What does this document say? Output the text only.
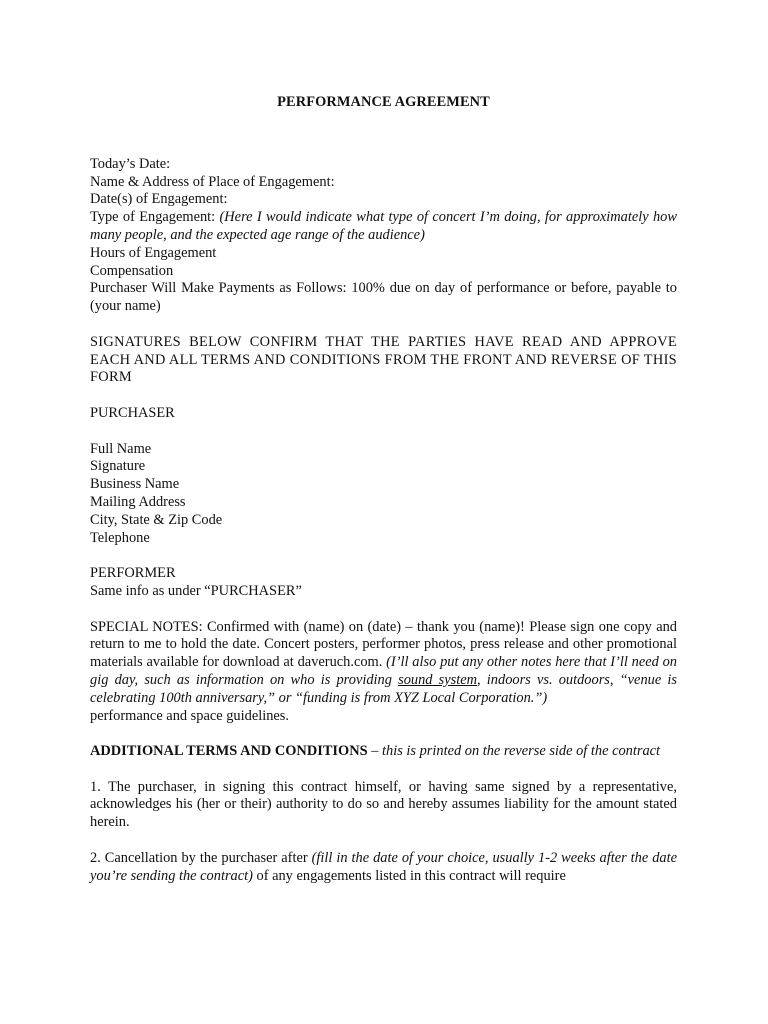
PERFORMANCE AGREEMENT

Today’s Date:

Name & Address of Place of Engagement:

Date(s) of Engagement:

Type of Engagement: (Here I would indicate what type of concert I’m doing, for approximately how many people, and the expected age range of the audience)

Hours of Engagement

Compensation

Purchaser Will Make Payments as Follows: 100% due on day of performance or before, payable to (your name)

SIGNATURES BELOW CONFIRM THAT THE PARTIES HAVE READ AND APPROVE EACH AND ALL TERMS AND CONDITIONS FROM THE FRONT AND REVERSE OF THIS FORM

PURCHASER

Full Name

Signature

Business Name

Mailing Address

City, State & Zip Code

Telephone

PERFORMER

Same info as under “PURCHASER”

SPECIAL NOTES: Confirmed with (name) on (date) – thank you (name)! Please sign one copy and return to me to hold the date. Concert posters, performer photos, press release and other promotional materials available for download at daveruch.com. (I’ll also put any other notes here that I’ll need on gig day, such as information on who is providing sound system, indoors vs. outdoors, “venue is celebrating 100th anniversary,” or “funding is from XYZ Local Corporation.”)

performance and space guidelines.

ADDITIONAL TERMS AND CONDITIONS – this is printed on the reverse side of the contract

1. The purchaser, in signing this contract himself, or having same signed by a representative, acknowledges his (her or their) authority to do so and hereby assumes liability for the amount stated herein.

2. Cancellation by the purchaser after (fill in the date of your choice, usually 1-2 weeks after the date you’re sending the contract) of any engagements listed in this contract will require
